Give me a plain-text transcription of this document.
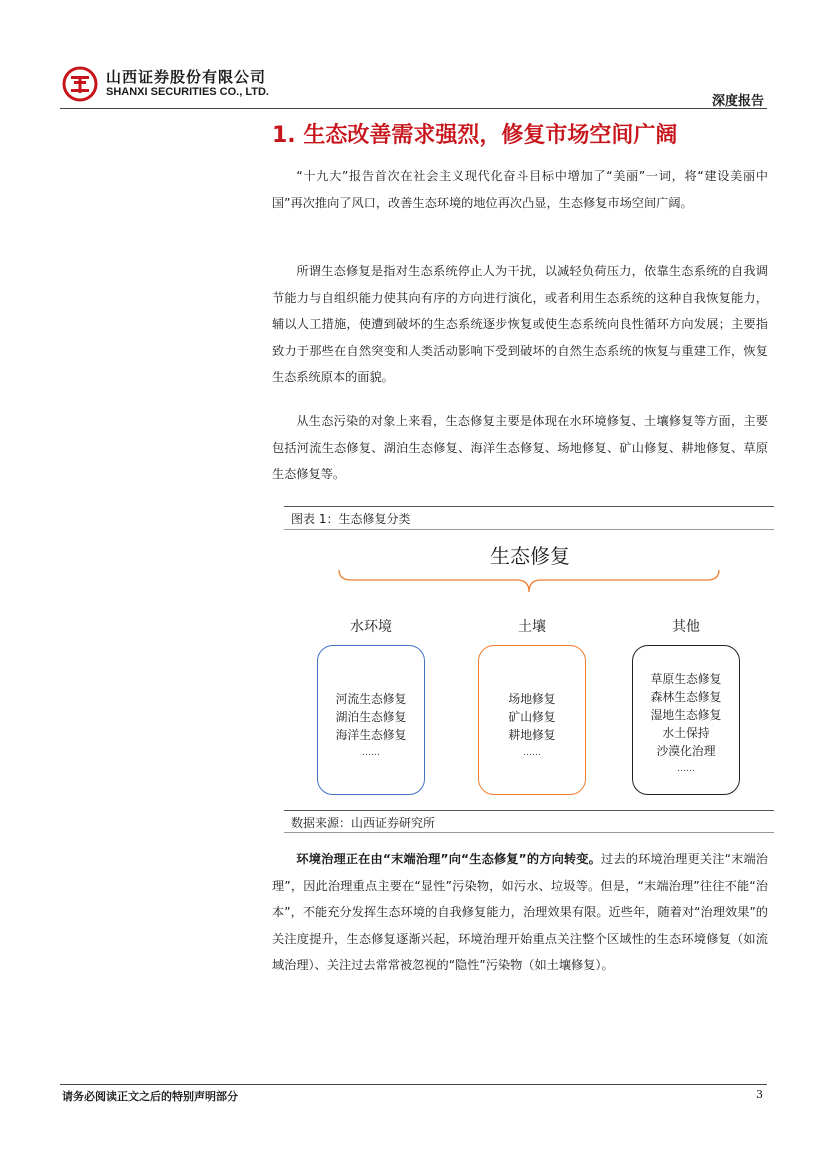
山西证券股份有限公司
SHANXI SECURITIES CO., LTD.
深度报告
1. 生态改善需求强烈，修复市场空间广阔

“十九大”报告首次在社会主义现代化奋斗目标中增加了“美丽”一词，将“建设美丽中国”再次推向了风口，改善生态环境的地位再次凸显，生态修复市场空间广阔。

所谓生态修复是指对生态系统停止人为干扰，以减轻负荷压力，依靠生态系统的自我调节能力与自组织能力使其向有序的方向进行演化，或者利用生态系统的这种自我恢复能力，辅以人工措施，使遭到破坏的生态系统逐步恢复或使生态系统向良性循环方向发展；主要指致力于那些在自然突变和人类活动影响下受到破坏的自然生态系统的恢复与重建工作，恢复生态系统原本的面貌。

从生态污染的对象上来看，生态修复主要是体现在水环境修复、土壤修复等方面，主要包括河流生态修复、湖泊生态修复、海洋生态修复、场地修复、矿山修复、耕地修复、草原生态修复等。

图表 1：生态修复分类
生态修复
水环境	土壤	其他
河流生态修复
湖泊生态修复
海洋生态修复
……
场地修复
矿山修复
耕地修复
……
草原生态修复
森林生态修复
湿地生态修复
水土保持
沙漠化治理
……
数据来源：山西证券研究所

环境治理正在由“末端治理”向“生态修复”的方向转变。过去的环境治理更关注“末端治理”，因此治理重点主要在“显性”污染物，如污水、垃圾等。但是，“末端治理”往往不能“治本”，不能充分发挥生态环境的自我修复能力，治理效果有限。近些年，随着对“治理效果”的关注度提升，生态修复逐渐兴起，环境治理开始重点关注整个区域性的生态环境修复（如流域治理）、关注过去常常被忽视的“隐性”污染物（如土壤修复）。

请务必阅读正文之后的特别声明部分	3
